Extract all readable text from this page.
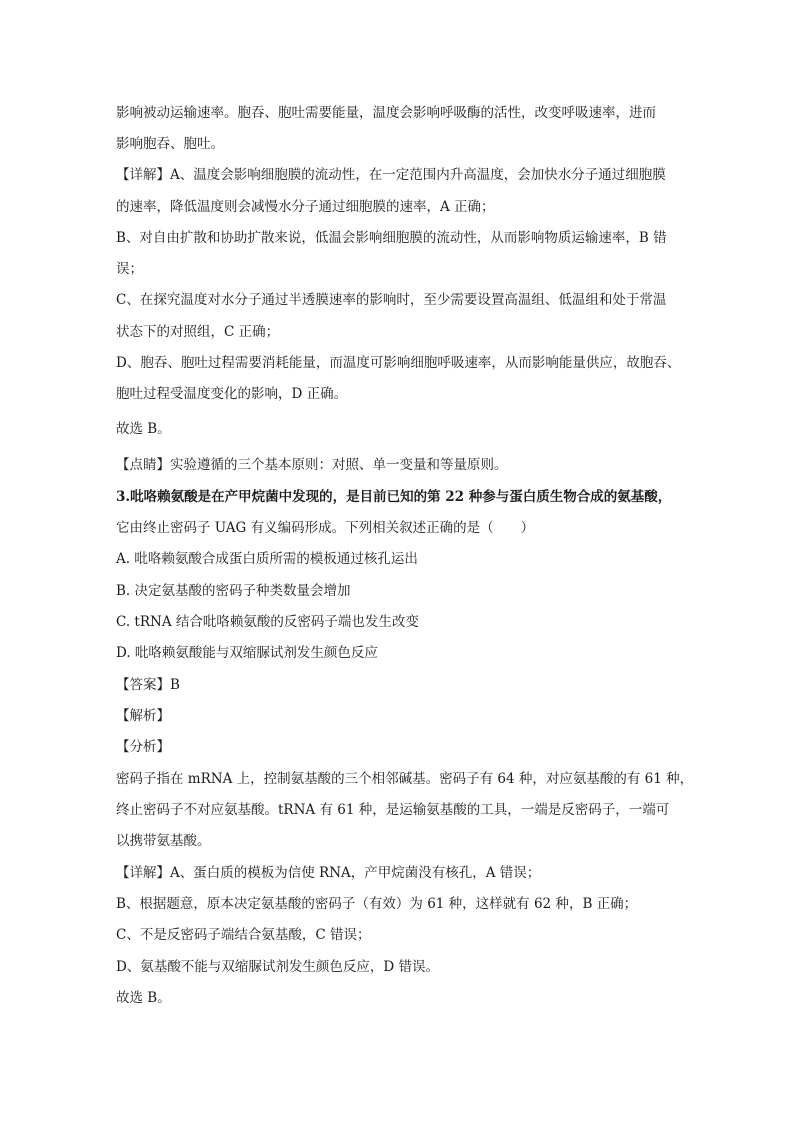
影响被动运输速率。胞吞、胞吐需要能量，温度会影响呼吸酶的活性，改变呼吸速率，进而
影响胞吞、胞吐。
【详解】A、温度会影响细胞膜的流动性，在一定范围内升高温度，会加快水分子通过细胞膜
的速率，降低温度则会减慢水分子通过细胞膜的速率，A 正确；
B、对自由扩散和协助扩散来说，低温会影响细胞膜的流动性，从而影响物质运输速率，B 错
误；
C、在探究温度对水分子通过半透膜速率的影响时，至少需要设置高温组、低温组和处于常温
状态下的对照组，C 正确；
D、胞吞、胞吐过程需要消耗能量，而温度可影响细胞呼吸速率，从而影响能量供应，故胞吞、
胞吐过程受温度变化的影响，D 正确。
故选 B。
【点睛】实验遵循的三个基本原则：对照、单一变量和等量原则。
3.吡咯赖氨酸是在产甲烷菌中发现的，是目前已知的第 22 种参与蛋白质生物合成的氨基酸，
它由终止密码子 UAG 有义编码形成。下列相关叙述正确的是（　　）
A. 吡咯赖氨酸合成蛋白质所需的模板通过核孔运出
B. 决定氨基酸的密码子种类数量会增加
C. tRNA 结合吡咯赖氨酸的反密码子端也发生改变
D. 吡咯赖氨酸能与双缩脲试剂发生颜色反应
【答案】B
【解析】
【分析】
密码子指在 mRNA 上，控制氨基酸的三个相邻碱基。密码子有 64 种，对应氨基酸的有 61 种，
终止密码子不对应氨基酸。tRNA 有 61 种，是运输氨基酸的工具，一端是反密码子，一端可
以携带氨基酸。
【详解】A、蛋白质的模板为信使 RNA，产甲烷菌没有核孔，A 错误；
B、根据题意，原本决定氨基酸的密码子（有效）为 61 种，这样就有 62 种，B 正确；
C、不是反密码子端结合氨基酸，C 错误；
D、氨基酸不能与双缩脲试剂发生颜色反应，D 错误。
故选 B。
